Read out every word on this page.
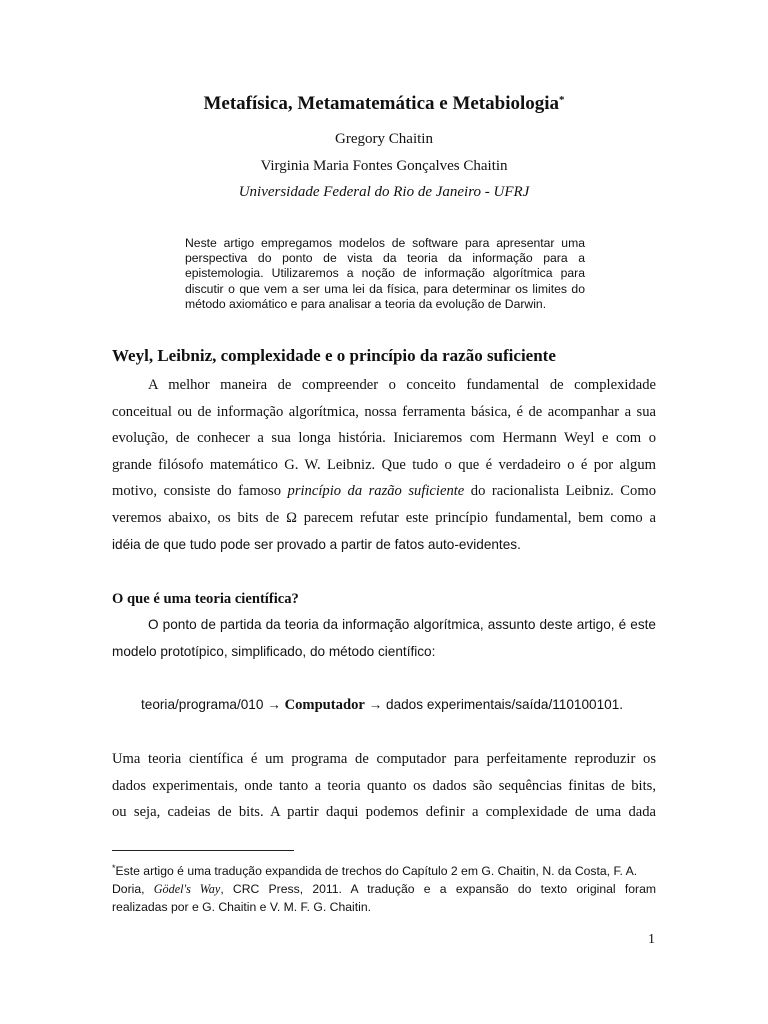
Metafísica, Metamatemática e Metabiologia*
Gregory Chaitin
Virginia Maria Fontes Gonçalves Chaitin
Universidade Federal do Rio de Janeiro - UFRJ
Neste artigo empregamos modelos de software para apresentar uma
perspectiva do ponto de vista da teoria da informação para a
epistemologia. Utilizaremos a noção de informação algorítmica para
discutir o que vem a ser uma lei da física, para determinar os limites do
método axiomático e para analisar a teoria da evolução de Darwin.
Weyl, Leibniz, complexidade e o princípio da razão suficiente
A melhor maneira de compreender o conceito fundamental de complexidade
conceitual ou de informação algorítmica, nossa ferramenta básica, é de acompanhar a sua
evolução, de conhecer a sua longa história. Iniciaremos com Hermann Weyl e com o
grande filósofo matemático G. W. Leibniz. Que tudo o que é verdadeiro o é por algum
motivo, consiste do famoso princípio da razão suficiente do racionalista Leibniz. Como
veremos abaixo, os bits de Ω parecem refutar este princípio fundamental, bem como a
idéia de que tudo pode ser provado a partir de fatos auto-evidentes.
O que é uma teoria científica?
O ponto de partida da teoria da informação algorítmica, assunto deste artigo, é este
modelo prototípico, simplificado, do método científico:
teoria/programa/010 → Computador → dados experimentais/saída/110100101.
Uma teoria científica é um programa de computador para perfeitamente reproduzir os
dados experimentais, onde tanto a teoria quanto os dados são sequências finitas de bits,
ou seja, cadeias de bits. A partir daqui podemos definir a complexidade de uma dada
*Este artigo é uma tradução expandida de trechos do Capítulo 2 em G. Chaitin, N. da Costa, F. A.
Doria, Gödel's Way, CRC Press, 2011. A tradução e a expansão do texto original foram
realizadas por e G. Chaitin e V. M. F. G. Chaitin.
1
